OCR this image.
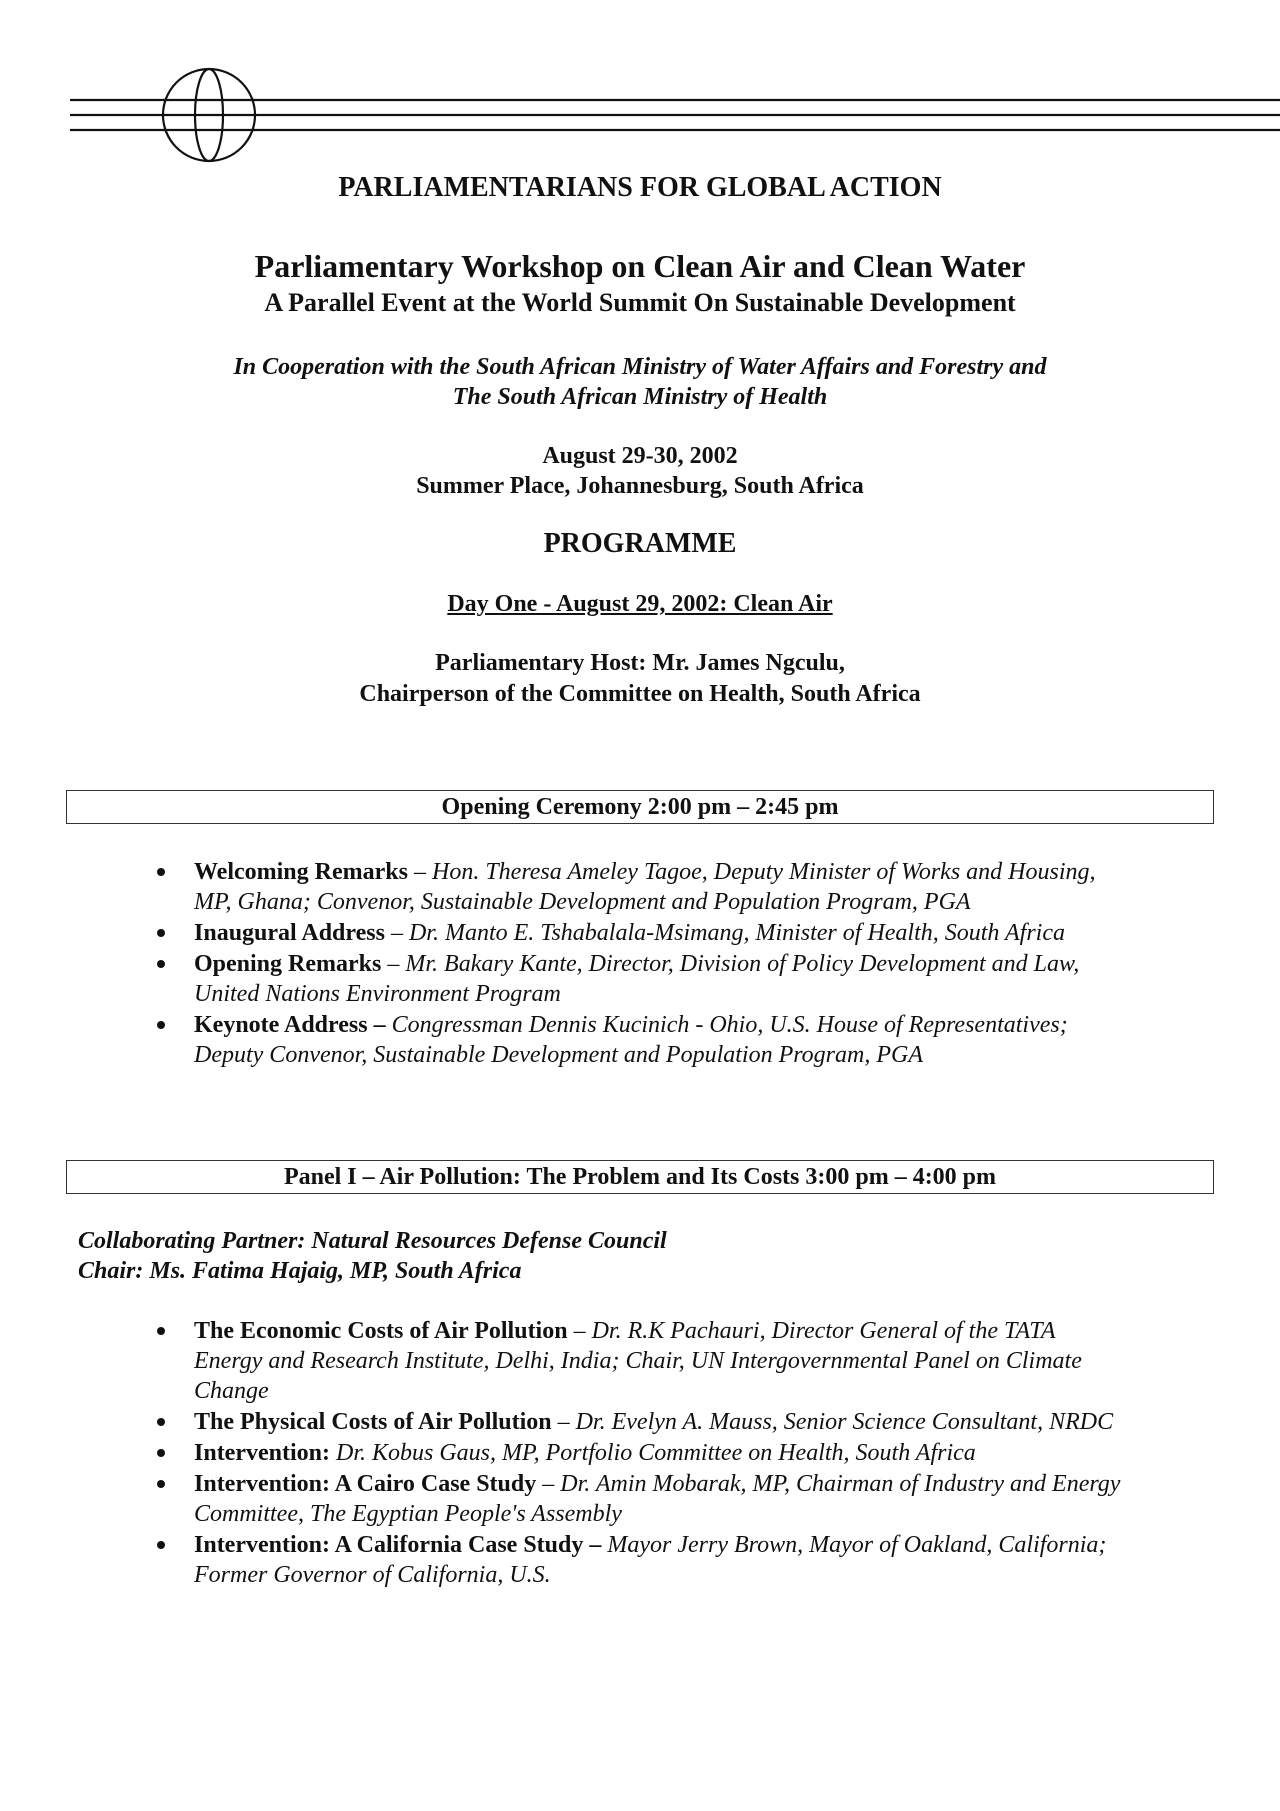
PARLIAMENTARIANS FOR GLOBAL ACTION
Parliamentary Workshop on Clean Air and Clean Water
A Parallel Event at the World Summit On Sustainable Development
In Cooperation with the South African Ministry of Water Affairs and Forestry and
The South African Ministry of Health
August 29-30, 2002
Summer Place, Johannesburg, South Africa
PROGRAMME
Day One - August 29, 2002: Clean Air
Parliamentary Host: Mr. James Ngculu,
Chairperson of the Committee on Health, South Africa
Opening Ceremony 2:00 pm – 2:45 pm
Welcoming Remarks – Hon. Theresa Ameley Tagoe, Deputy Minister of Works and Housing,
MP, Ghana; Convenor, Sustainable Development and Population Program, PGA
Inaugural Address – Dr. Manto E. Tshabalala-Msimang, Minister of Health, South Africa
Opening Remarks – Mr. Bakary Kante, Director, Division of Policy Development and Law,
United Nations Environment Program
Keynote Address – Congressman Dennis Kucinich - Ohio, U.S. House of Representatives;
Deputy Convenor, Sustainable Development and Population Program, PGA
Panel I – Air Pollution: The Problem and Its Costs 3:00 pm – 4:00 pm
Collaborating Partner: Natural Resources Defense Council
Chair: Ms. Fatima Hajaig, MP, South Africa
The Economic Costs of Air Pollution – Dr. R.K Pachauri, Director General of the TATA
Energy and Research Institute, Delhi, India; Chair, UN Intergovernmental Panel on Climate
Change
The Physical Costs of Air Pollution – Dr. Evelyn A. Mauss, Senior Science Consultant, NRDC
Intervention: Dr. Kobus Gaus, MP, Portfolio Committee on Health, South Africa
Intervention: A Cairo Case Study – Dr. Amin Mobarak, MP, Chairman of Industry and Energy
Committee, The Egyptian People's Assembly
Intervention: A California Case Study – Mayor Jerry Brown, Mayor of Oakland, California;
Former Governor of California, U.S.
